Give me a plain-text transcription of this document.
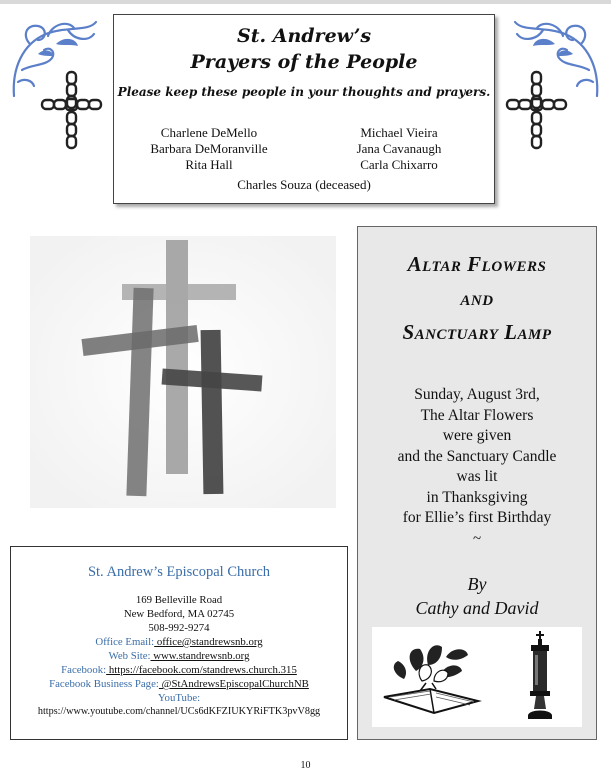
St. Andrew’s
Prayers of the People
Please keep these people in your thoughts and prayers.
Charlene DeMello
Barbara DeMoranville
Rita Hall
Michael Vieira
Jana Cavanaugh
Carla Chixarro
Charles Souza (deceased)
Altar Flowers
and
Sanctuary Lamp
Sunday, August 3rd,
The Altar Flowers
were given
and the Sanctuary Candle
was lit
in Thanksgiving
for Ellie’s first Birthday
~
By
Cathy and David
St. Andrew’s Episcopal Church
169 Belleville Road
New Bedford, MA 02745
508-992-9274
Office Email: office@standrewsnb.org
Web Site: www.standrewsnb.org
Facebook: https://facebook.com/standrews.church.315
Facebook Business Page: @StAndrewsEpiscopalChurchNB
YouTube:
https://www.youtube.com/channel/UCs6dKFZIUKYRiFTK3pvV8gg
10
